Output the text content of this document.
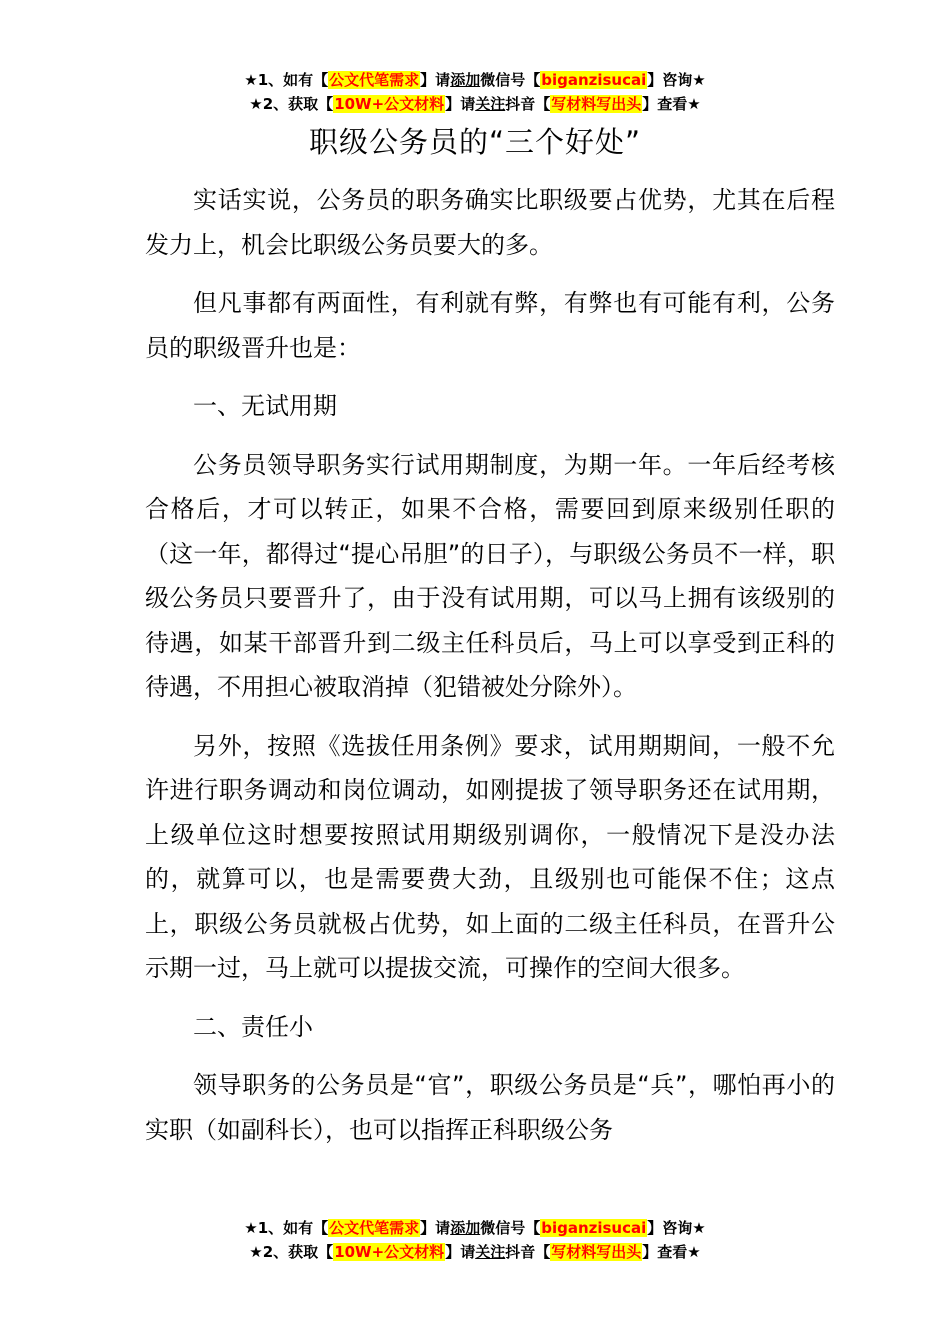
★1、如有【公文代笔需求】请添加微信号【biganzisucai】咨询★
★2、获取【10W+公文材料】请关注抖音【写材料写出头】查看★
职级公务员的“三个好处”

实话实说，公务员的职务确实比职级要占优势，尤其在后程发力上，机会比职级公务员要大的多。

但凡事都有两面性，有利就有弊，有弊也有可能有利，公务员的职级晋升也是：

一、无试用期

公务员领导职务实行试用期制度，为期一年。一年后经考核合格后，才可以转正，如果不合格，需要回到原来级别任职的（这一年，都得过“提心吊胆”的日子），与职级公务员不一样，职级公务员只要晋升了，由于没有试用期，可以马上拥有该级别的待遇，如某干部晋升到二级主任科员后，马上可以享受到正科的待遇，不用担心被取消掉（犯错被处分除外）。

另外，按照《选拔任用条例》要求，试用期期间，一般不允许进行职务调动和岗位调动，如刚提拔了领导职务还在试用期，上级单位这时想要按照试用期级别调你，一般情况下是没办法的，就算可以，也是需要费大劲，且级别也可能保不住；这点上，职级公务员就极占优势，如上面的二级主任科员，在晋升公示期一过，马上就可以提拔交流，可操作的空间大很多。

二、责任小

领导职务的公务员是“官”，职级公务员是“兵”，哪怕再小的实职（如副科长），也可以指挥正科职级公务

★1、如有【公文代笔需求】请添加微信号【biganzisucai】咨询★
★2、获取【10W+公文材料】请关注抖音【写材料写出头】查看★
